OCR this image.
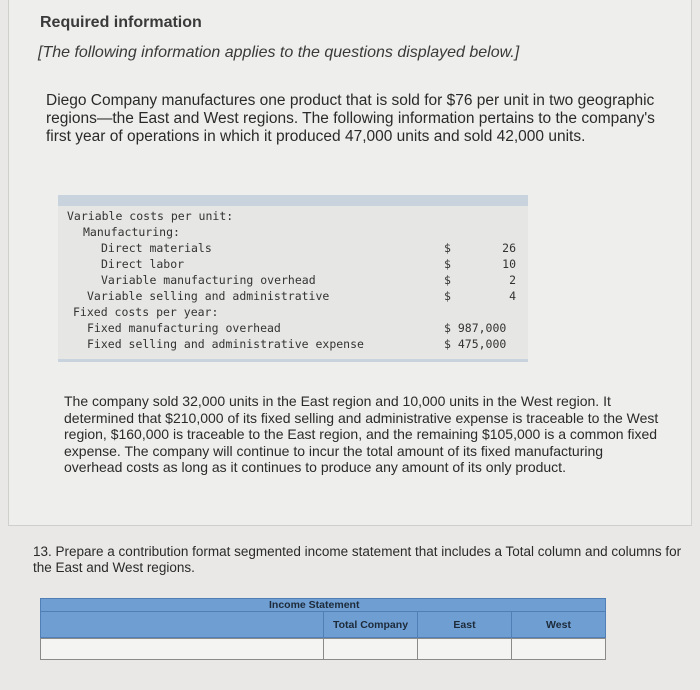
Required information
[The following information applies to the questions displayed below.]
Diego Company manufactures one product that is sold for $76 per unit in two geographic regions—the East and West regions. The following information pertains to the company's first year of operations in which it produced 47,000 units and sold 42,000 units.
Variable costs per unit:
Manufacturing:
Direct materials	$	26
Direct labor	$	10
Variable manufacturing overhead	$	2
Variable selling and administrative	$	4
Fixed costs per year:
Fixed manufacturing overhead	$ 987,000
Fixed selling and administrative expense	$ 475,000
The company sold 32,000 units in the East region and 10,000 units in the West region. It determined that $210,000 of its fixed selling and administrative expense is traceable to the West region, $160,000 is traceable to the East region, and the remaining $105,000 is a common fixed expense. The company will continue to incur the total amount of its fixed manufacturing overhead costs as long as it continues to produce any amount of its only product.
13. Prepare a contribution format segmented income statement that includes a Total column and columns for the East and West regions.
Income Statement
Total Company	East	West
